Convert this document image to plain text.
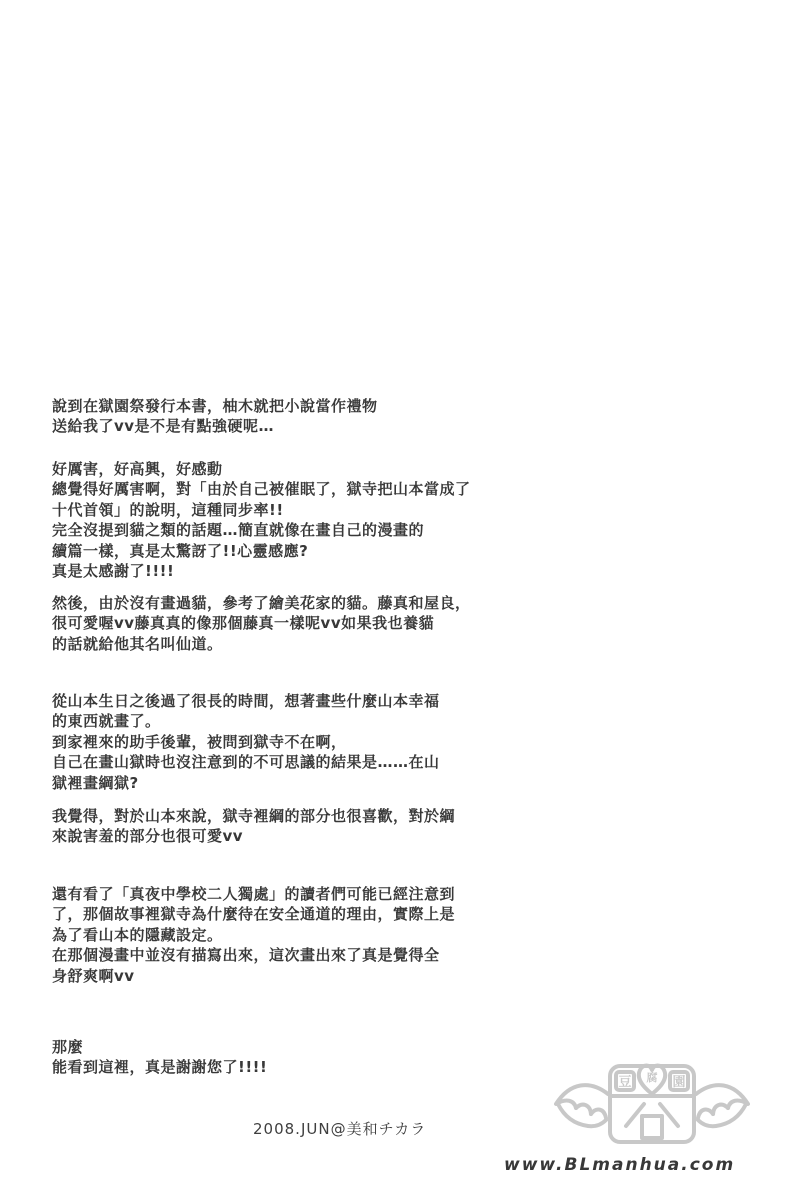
說到在獄園祭發行本書，柚木就把小說當作禮物
送給我了vv是不是有點強硬呢…
好厲害，好高興，好感動
總覺得好厲害啊，對「由於自己被催眠了，獄寺把山本當成了
十代首領」的說明，這種同步率!!
完全沒提到貓之類的話題…簡直就像在畫自己的漫畫的
續篇一樣，真是太驚訝了!!心靈感應?
真是太感謝了!!!!
然後，由於沒有畫過貓，參考了繪美花家的貓。藤真和屋良，
很可愛喔vv藤真真的像那個藤真一樣呢vv如果我也養貓
的話就給他其名叫仙道。
從山本生日之後過了很長的時間，想著畫些什麼山本幸福
的東西就畫了。
到家裡來的助手後輩，被問到獄寺不在啊，
自己在畫山獄時也沒注意到的不可思議的結果是……在山
獄裡畫綱獄?
我覺得，對於山本來說，獄寺裡綱的部分也很喜歡，對於綱
來說害羞的部分也很可愛vv
還有看了「真夜中學校二人獨處」的讀者們可能已經注意到
了，那個故事裡獄寺為什麼待在安全通道的理由，實際上是
為了看山本的隱藏設定。
在那個漫畫中並沒有描寫出來，這次畫出來了真是覺得全
身舒爽啊vv
那麼
能看到這裡，真是謝謝您了!!!!
2008.JUN@美和チカラ
豆 腐 園
www.BLmanhua.com
